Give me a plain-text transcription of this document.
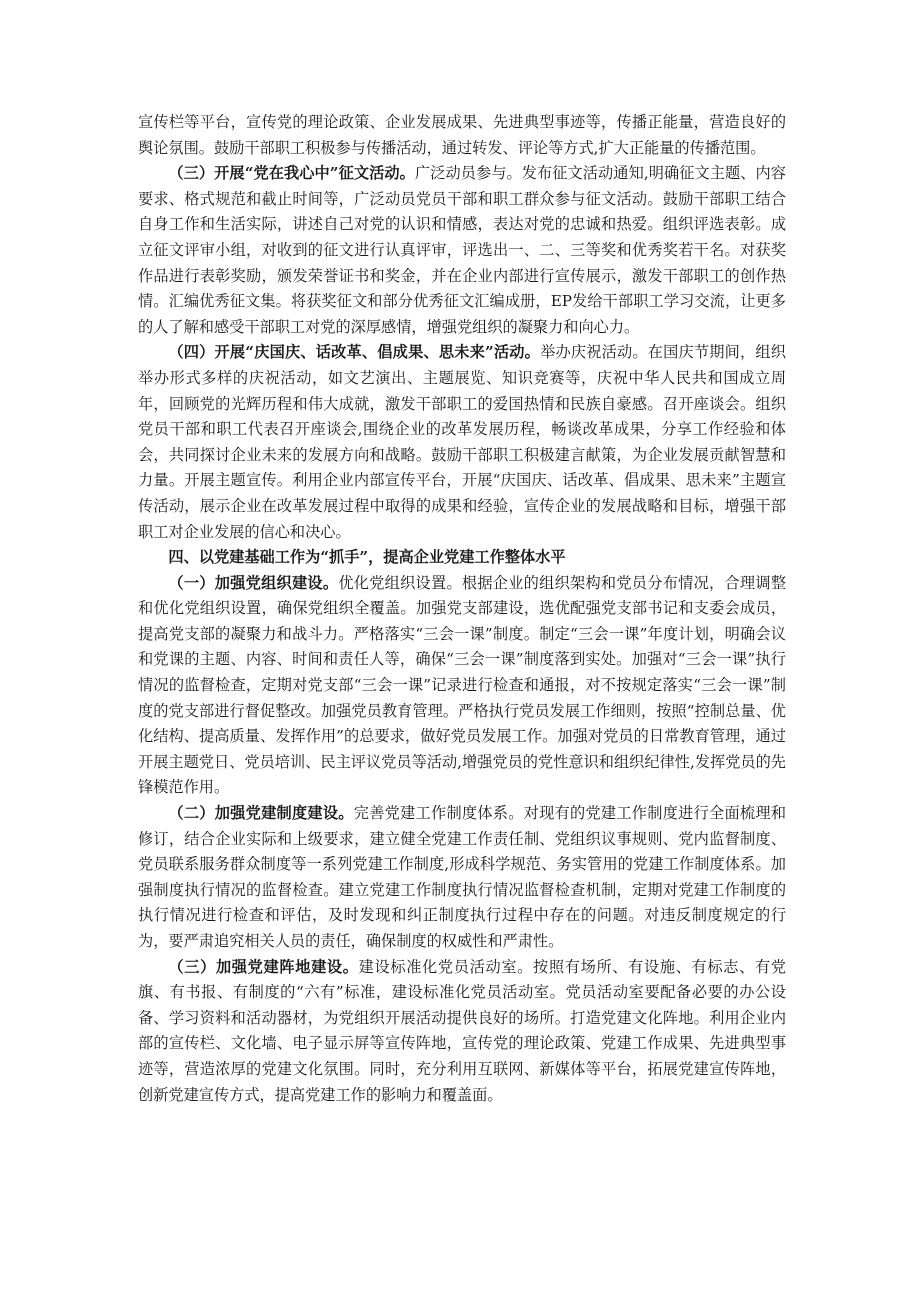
宣传栏等平台，宣传党的理论政策、企业发展成果、先进典型事迹等，传播正能量，营造良好的舆论氛围。鼓励干部职工积极参与传播活动，通过转发、评论等方式,扩大正能量的传播范围。

（三）开展“党在我心中”征文活动。广泛动员参与。发布征文活动通知,明确征文主题、内容要求、格式规范和截止时间等，广泛动员党员干部和职工群众参与征文活动。鼓励干部职工结合自身工作和生活实际，讲述自己对党的认识和情感，表达对党的忠诚和热爱。组织评选表彰。成立征文评审小组，对收到的征文进行认真评审，评选出一、二、三等奖和优秀奖若干名。对获奖作品进行表彰奖励，颁发荣誉证书和奖金，并在企业内部进行宣传展示，激发干部职工的创作热情。汇编优秀征文集。将获奖征文和部分优秀征文汇编成册，EP发给干部职工学习交流，让更多的人了解和感受干部职工对党的深厚感情，增强党组织的凝聚力和向心力。

（四）开展“庆国庆、话改革、倡成果、思未来”活动。举办庆祝活动。在国庆节期间，组织举办形式多样的庆祝活动，如文艺演出、主题展览、知识竞赛等，庆祝中华人民共和国成立周年，回顾党的光辉历程和伟大成就，激发干部职工的爱国热情和民族自豪感。召开座谈会。组织党员干部和职工代表召开座谈会,围绕企业的改革发展历程，畅谈改革成果，分享工作经验和体会，共同探讨企业未来的发展方向和战略。鼓励干部职工积极建言献策，为企业发展贡献智慧和力量。开展主题宣传。利用企业内部宣传平台，开展“庆国庆、话改革、倡成果、思未来”主题宣传活动，展示企业在改革发展过程中取得的成果和经验，宣传企业的发展战略和目标，增强干部职工对企业发展的信心和决心。

四、以党建基础工作为“抓手”，提高企业党建工作整体水平

（一）加强党组织建设。优化党组织设置。根据企业的组织架构和党员分布情况，合理调整和优化党组织设置，确保党组织全覆盖。加强党支部建设，选优配强党支部书记和支委会成员，提高党支部的凝聚力和战斗力。严格落实“三会一课”制度。制定“三会一课”年度计划，明确会议和党课的主题、内容、时间和责任人等，确保“三会一课”制度落到实处。加强对“三会一课”执行情况的监督检查，定期对党支部“三会一课”记录进行检查和通报，对不按规定落实“三会一课”制度的党支部进行督促整改。加强党员教育管理。严格执行党员发展工作细则，按照“控制总量、优化结构、提高质量、发挥作用”的总要求，做好党员发展工作。加强对党员的日常教育管理，通过开展主题党日、党员培训、民主评议党员等活动,增强党员的党性意识和组织纪律性,发挥党员的先锋模范作用。

（二）加强党建制度建设。完善党建工作制度体系。对现有的党建工作制度进行全面梳理和修订，结合企业实际和上级要求，建立健全党建工作责任制、党组织议事规则、党内监督制度、党员联系服务群众制度等一系列党建工作制度,形成科学规范、务实管用的党建工作制度体系。加强制度执行情况的监督检查。建立党建工作制度执行情况监督检查机制，定期对党建工作制度的执行情况进行检查和评估，及时发现和纠正制度执行过程中存在的问题。对违反制度规定的行为，要严肃追究相关人员的责任，确保制度的权威性和严肃性。

（三）加强党建阵地建设。建设标准化党员活动室。按照有场所、有设施、有标志、有党旗、有书报、有制度的“六有”标准，建设标准化党员活动室。党员活动室要配备必要的办公设备、学习资料和活动器材，为党组织开展活动提供良好的场所。打造党建文化阵地。利用企业内部的宣传栏、文化墙、电子显示屏等宣传阵地，宣传党的理论政策、党建工作成果、先进典型事迹等，营造浓厚的党建文化氛围。同时，充分利用互联网、新媒体等平台，拓展党建宣传阵地，创新党建宣传方式，提高党建工作的影响力和覆盖面。
